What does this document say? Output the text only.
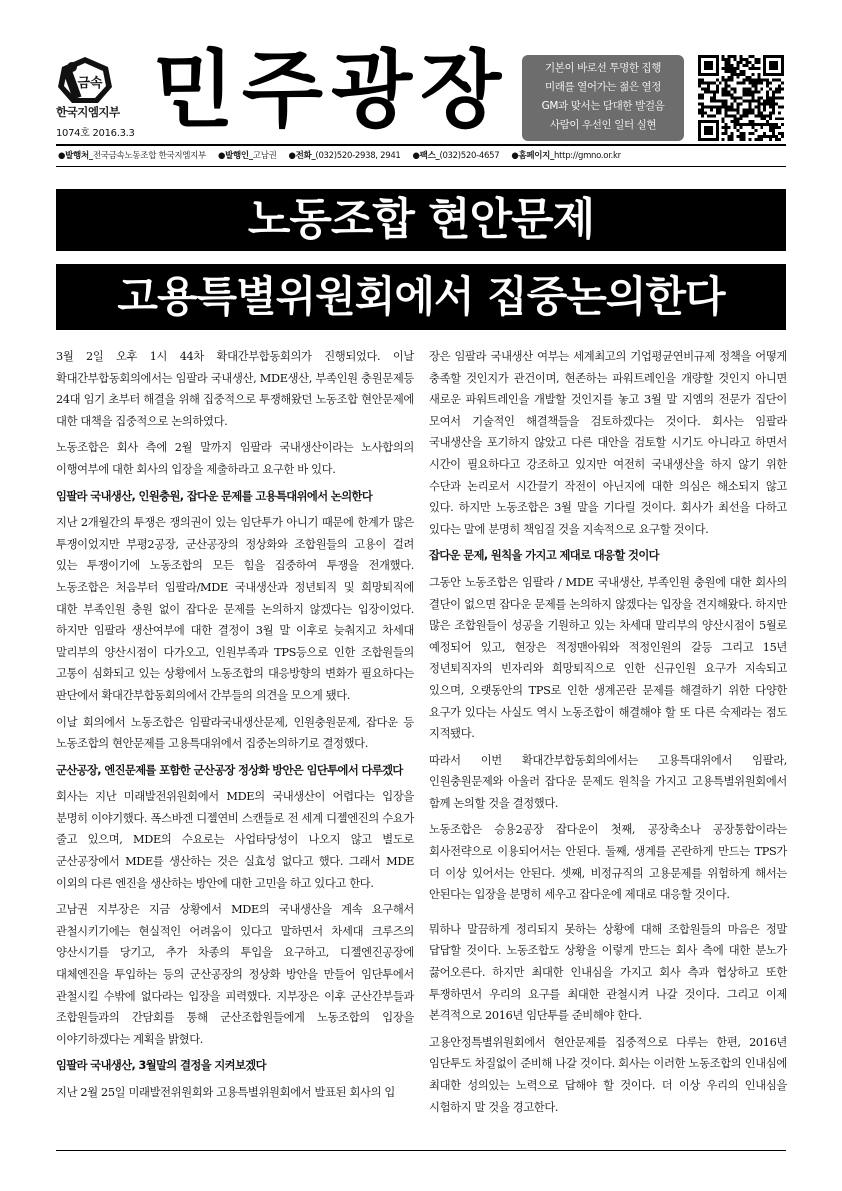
금속
한국지엠지부
1074호 2016.3.3 민주광장	기본이 바로선 투명한 집행
미래를 열어가는 젊은 열정
GM과 맞서는 담대한 발걸음
사람이 우선인 일터 실현
●발행처_전국금속노동조합 한국지엠지부 ●발행인_고남권 ●전화_(032)520-2938, 2941 ●팩스_(032)520-4657 ●홈페이지_http://gmno.or.kr
노동조합 현안문제
고용특별위원회에서 집중논의한다

3월 2일 오후 1시 44차 확대간부합동회의가 진행되었다. 이날 확대간부합동회의에서는 임팔라 국내생산, MDE생산, 부족인원 충원문제등 24대 임기 초부터 해결을 위해 집중적으로 투쟁해왔던 노동조합 현안문제에 대한 대책을 집중적으로 논의하였다.

노동조합은 회사 측에 2월 말까지 임팔라 국내생산이라는 노사합의의 이행여부에 대한 회사의 입장을 제출하라고 요구한 바 있다.

임팔라 국내생산, 인원충원, 잡다운 문제를 고용특대위에서 논의한다

지난 2개월간의 투쟁은 쟁의권이 있는 임단투가 아니기 때문에 한계가 많은 투쟁이었지만 부평2공장, 군산공장의 정상화와 조합원들의 고용이 걸려 있는 투쟁이기에 노동조합의 모든 힘을 집중하여 투쟁을 전개했다. 노동조합은 처음부터 임팔라/MDE 국내생산과 정년퇴직 및 희망퇴직에 대한 부족인원 충원 없이 잡다운 문제를 논의하지 않겠다는 입장이었다. 하지만 임팔라 생산여부에 대한 결정이 3월 말 이후로 늦춰지고 차세대 말리부의 양산시점이 다가오고, 인원부족과 TPS등으로 인한 조합원들의 고통이 심화되고 있는 상황에서 노동조합의 대응방향의 변화가 필요하다는 판단에서 확대간부합동회의에서 간부들의 의견을 모으게 됐다.

이날 회의에서 노동조합은 임팔라국내생산문제, 인원충원문제, 잡다운 등 노동조합의 현안문제를 고용특대위에서 집중논의하기로 결정했다.

군산공장, 엔진문제를 포함한 군산공장 정상화 방안은 임단투에서 다루겠다

회사는 지난 미래발전위원회에서 MDE의 국내생산이 어렵다는 입장을 분명히 이야기했다. 폭스바겐 디젤연비 스캔들로 전 세계 디젤엔진의 수요가 줄고 있으며, MDE의 수요로는 사업타당성이 나오지 않고 별도로 군산공장에서 MDE를 생산하는 것은 실효성 없다고 했다. 그래서 MDE 이외의 다른 엔진을 생산하는 방안에 대한 고민을 하고 있다고 한다.

고남권 지부장은 지금 상황에서 MDE의 국내생산을 계속 요구해서 관철시키기에는 현실적인 어려움이 있다고 말하면서 차세대 크루즈의 양산시기를 당기고, 추가 차종의 투입을 요구하고, 디젤엔진공장에 대체엔진을 투입하는 등의 군산공장의 정상화 방안을 만들어 임단투에서 관철시킬 수밖에 없다라는 입장을 피력했다. 지부장은 이후 군산간부들과 조합원들과의 간담회를 통해 군산조합원들에게 노동조합의 입장을 이야기하겠다는 계획을 밝혔다.

임팔라 국내생산, 3월말의 결정을 지켜보겠다

지난 2월 25일 미래발전위원회와 고용특별위원회에서 발표된 회사의 입

장은 임팔라 국내생산 여부는 세계최고의 기업평균연비규제 정책을 어떻게 충족할 것인지가 관건이며, 현존하는 파워트레인을 개량할 것인지 아니면 새로운 파워트레인을 개발할 것인지를 놓고 3월 말 지엠의 전문가 집단이 모여서 기술적인 해결책들을 검토하겠다는 것이다. 회사는 임팔라 국내생산을 포기하지 않았고 다른 대안을 검토할 시기도 아니라고 하면서 시간이 필요하다고 강조하고 있지만 여전히 국내생산을 하지 않기 위한 수단과 논리로서 시간끌기 작전이 아닌지에 대한 의심은 해소되지 않고 있다. 하지만 노동조합은 3월 말을 기다릴 것이다. 회사가 최선을 다하고 있다는 말에 분명히 책임질 것을 지속적으로 요구할 것이다.

잡다운 문제, 원칙을 가지고 제대로 대응할 것이다

그동안 노동조합은 임팔라 / MDE 국내생산, 부족인원 충원에 대한 회사의 결단이 없으면 잡다운 문제를 논의하지 않겠다는 입장을 견지해왔다. 하지만 많은 조합원들이 성공을 기원하고 있는 차세대 말리부의 양산시점이 5월로 예정되어 있고, 현장은 적정맨아워와 적정인원의 갈등 그리고 15년 정년퇴직자의 빈자리와 희망퇴직으로 인한 신규인원 요구가 지속되고 있으며, 오랫동안의 TPS로 인한 생계곤란 문제를 해결하기 위한 다양한 요구가 있다는 사실도 역시 노동조합이 해결해야 할 또 다른 숙제라는 점도 지적됐다.

따라서 이번 확대간부합동회의에서는 고용특대위에서 임팔라, 인원충원문제와 아울러 잡다운 문제도 원칙을 가지고 고용특별위원회에서 함께 논의할 것을 결정했다.

노동조합은 승용2공장 잡다운이 첫째, 공장축소나 공장통합이라는 회사전략으로 이용되어서는 안된다. 둘째, 생계를 곤란하게 만드는 TPS가 더 이상 있어서는 안된다. 셋째, 비정규직의 고용문제를 위험하게 해서는 안된다는 입장을 분명히 세우고 잡다운에 제대로 대응할 것이다.

뭐하나 말끔하게 정리되지 못하는 상황에 대해 조합원들의 마음은 정말 답답할 것이다. 노동조합도 상황을 이렇게 만드는 회사 측에 대한 분노가 끓어오른다. 하지만 최대한 인내심을 가지고 회사 측과 협상하고 또한 투쟁하면서 우리의 요구를 최대한 관철시켜 나갈 것이다. 그리고 이제 본격적으로 2016년 임단투를 준비해야 한다.

고용안정특별위원회에서 현안문제를 집중적으로 다루는 한편, 2016년 임단투도 차질없이 준비해 나갈 것이다. 회사는 이러한 노동조합의 인내심에 최대한 성의있는 노력으로 답해야 할 것이다. 더 이상 우리의 인내심을 시험하지 말 것을 경고한다.
